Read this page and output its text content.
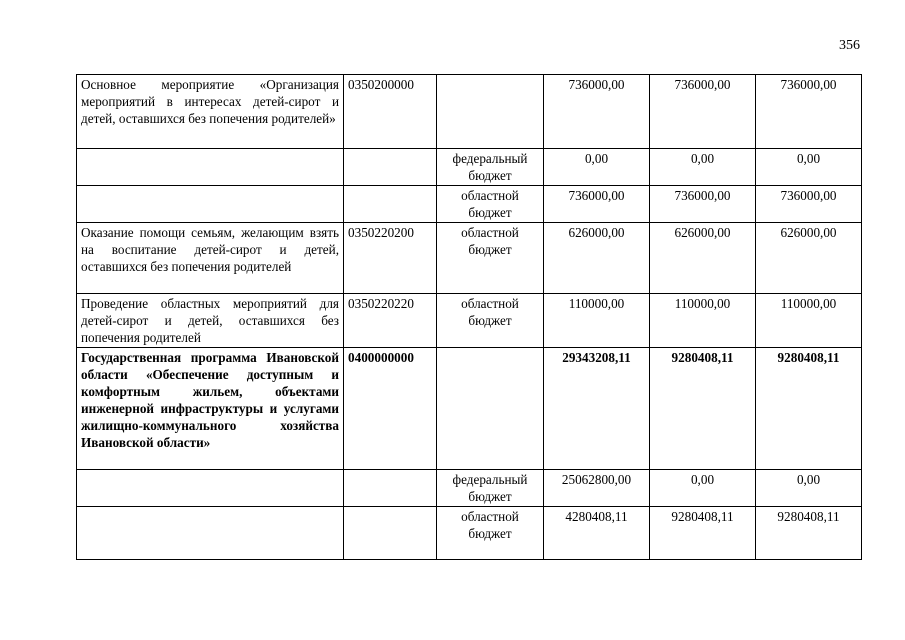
356
Основное мероприятие «Организация мероприятий в интересах детей-сирот и детей, оставшихся без попечения родителей»	0350200000		736000,00	736000,00	736000,00
		федеральный бюджет	0,00	0,00	0,00
		областной бюджет	736000,00	736000,00	736000,00
Оказание помощи семьям, желающим взять на воспитание детей-сирот и детей, оставшихся без попечения родителей	0350220200	областной бюджет	626000,00	626000,00	626000,00
Проведение областных мероприятий для детей-сирот и детей, оставшихся без попечения родителей	0350220220	областной бюджет	110000,00	110000,00	110000,00
Государственная программа Ивановской области «Обеспечение доступным и комфортным жильем, объектами инженерной инфраструктуры и услугами жилищно-коммунального хозяйства Ивановской области»	0400000000		29343208,11	9280408,11	9280408,11
		федеральный бюджет	25062800,00	0,00	0,00
		областной бюджет	4280408,11	9280408,11	9280408,11
